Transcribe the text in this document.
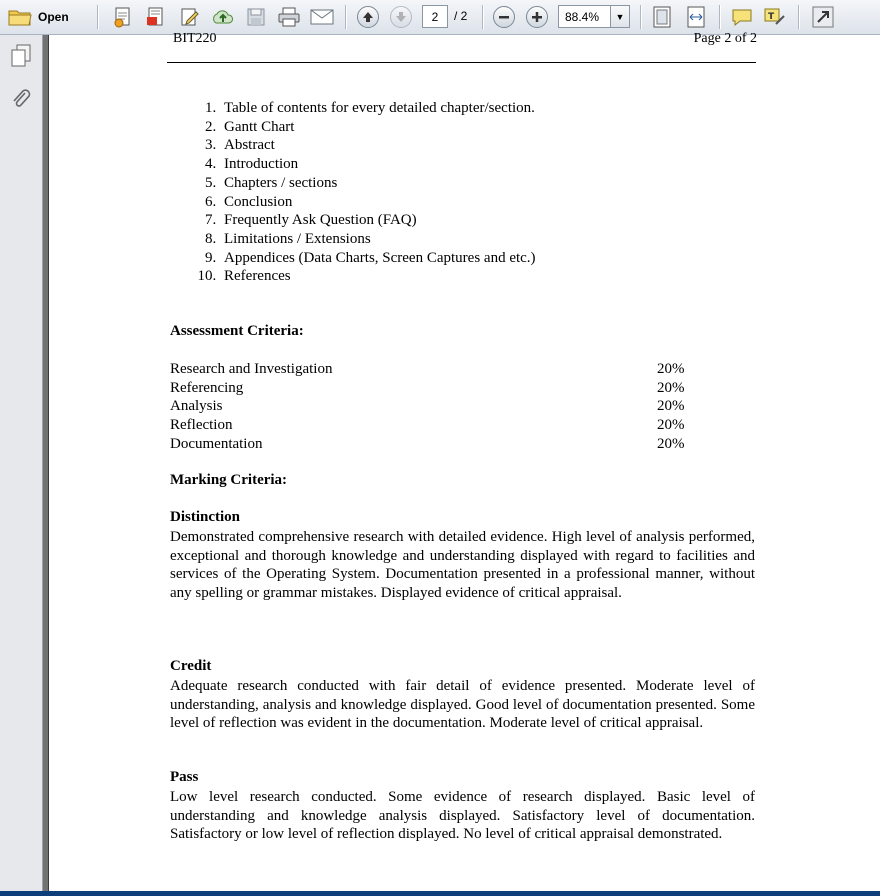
Open	2	/ 2	88.4%	▼	T
BIT220	Page 2 of 2
1. Table of contents for every detailed chapter/section.
2. Gantt Chart
3. Abstract
4. Introduction
5. Chapters / sections
6. Conclusion
7. Frequently Ask Question (FAQ)
8. Limitations / Extensions
9. Appendices (Data Charts, Screen Captures and etc.)
10. References
Assessment Criteria:
Research and Investigation	20%
Referencing	20%
Analysis	20%
Reflection	20%
Documentation	20%
Marking Criteria:
Distinction
Demonstrated comprehensive research with detailed evidence. High level of analysis performed, exceptional and thorough knowledge and understanding displayed with regard to facilities and services of the Operating System. Documentation presented in a professional manner, without any spelling or grammar mistakes. Displayed evidence of critical appraisal.
Credit
Adequate research conducted with fair detail of evidence presented. Moderate level of understanding, analysis and knowledge displayed. Good level of documentation presented. Some level of reflection was evident in the documentation. Moderate level of critical appraisal.
Pass
Low level research conducted. Some evidence of research displayed. Basic level of understanding and knowledge analysis displayed. Satisfactory level of documentation. Satisfactory or low level of reflection displayed. No level of critical appraisal demonstrated.
